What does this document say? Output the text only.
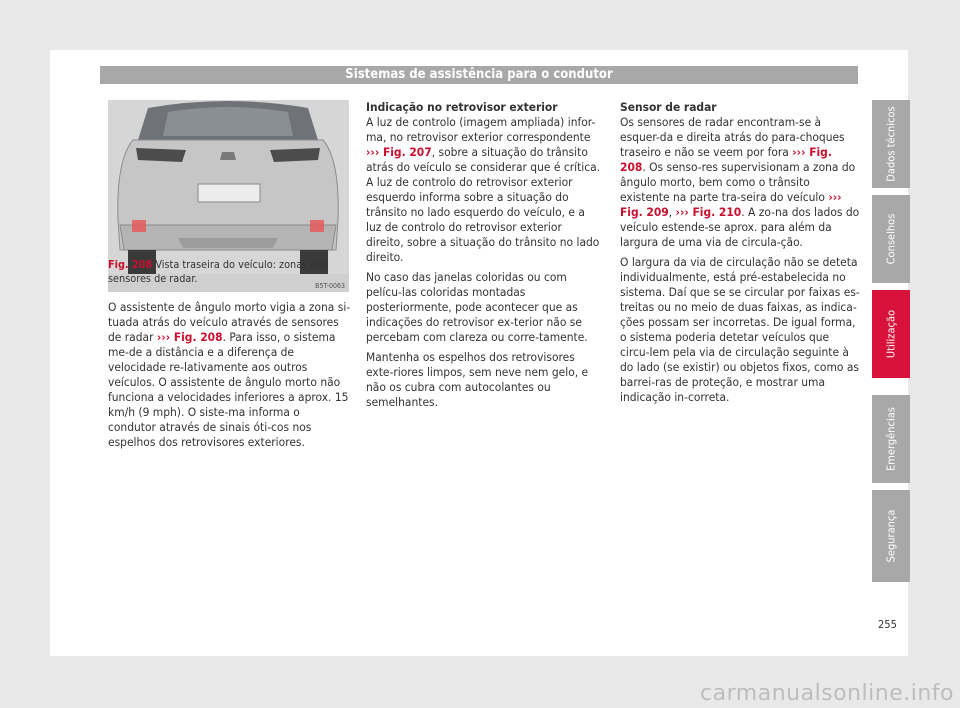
Sistemas de assistência para o condutor
B5T-0063
Fig. 208 Vista traseira do veículo: zonas dos sensores de radar.

O assistente de ângulo morto vigia a zona si-tuada atrás do veículo através de sensores de radar ››› Fig. 208. Para isso, o sistema me-de a distância e a diferença de velocidade re-lativamente aos outros veículos. O assistente de ângulo morto não funciona a velocidades inferiores a aprox. 15 km/h (9 mph). O siste-ma informa o condutor através de sinais óti-cos nos espelhos dos retrovisores exteriores.

Indicação no retrovisor exterior

A luz de controlo (imagem ampliada) infor-ma, no retrovisor exterior correspondente ››› Fig. 207, sobre a situação do trânsito atrás do veículo se considerar que é crítica. A luz de controlo do retrovisor exterior esquerdo informa sobre a situação do trânsito no lado esquerdo do veículo, e a luz de controlo do retrovisor exterior direito, sobre a situação do trânsito no lado direito.

No caso das janelas coloridas ou com pelícu-las coloridas montadas posteriormente, pode acontecer que as indicações do retrovisor ex-terior não se percebam com clareza ou corre-tamente.

Mantenha os espelhos dos retrovisores exte-riores limpos, sem neve nem gelo, e não os cubra com autocolantes ou semelhantes.

Sensor de radar

Os sensores de radar encontram-se à esquer-da e direita atrás do para-choques traseiro e não se veem por fora ››› Fig. 208. Os senso-res supervisionam a zona do ângulo morto, bem como o trânsito existente na parte tra-seira do veículo ››› Fig. 209, ››› Fig. 210. A zo-na dos lados do veículo estende-se aprox. para além da largura de uma via de circula-ção.

O largura da via de circulação não se deteta individualmente, está pré-estabelecida no sistema. Daí que se se circular por faixas es-treitas ou no meio de duas faixas, as indica-ções possam ser incorretas. De igual forma, o sistema poderia detetar veículos que circu-lem pela via de circulação seguinte à do lado (se existir) ou objetos fixos, como as barrei-ras de proteção, e mostrar uma indicação in-correta.

Dados técnicos
Conselhos
Utilização
Emergências
Segurança
255
carmanualsonline.info
